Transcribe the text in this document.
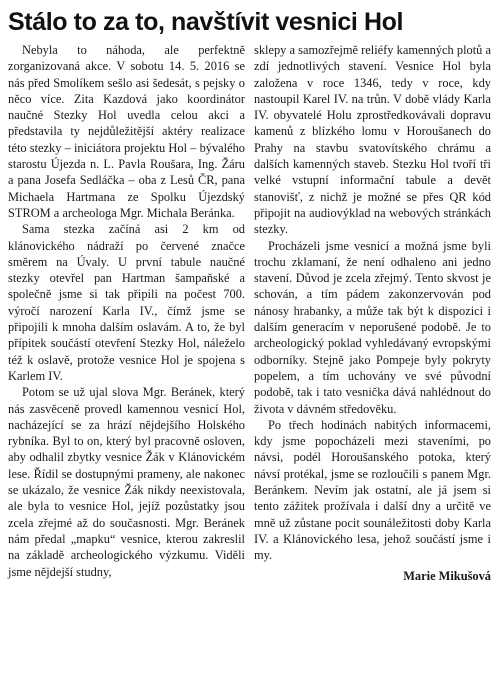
Stálo to za to, navštívit vesnici Hol

Nebyla to náhoda, ale perfektně zorganizovaná akce. V sobotu 14. 5. 2016 se nás před Smolíkem sešlo asi šedesát, s pejsky o něco více. Zita Kazdová jako koordinátor naučné Stezky Hol uvedla celou akci a představila ty nejdůležitější aktéry realizace této stezky – iniciátora projektu Hol – bývalého starostu Újezda n. L. Pavla Roušara, Ing. Žáru a pana Josefa Sedláčka – oba z Lesů ČR, pana Michaela Hartmana ze Spolku Újezdský STROM a archeologa Mgr. Michala Beránka.

Sama stezka začíná asi 2 km od klánovického nádraží po červené značce směrem na Úvaly. U první tabule naučné stezky otevřel pan Hartman šampaňské a společně jsme si tak připili na počest 700. výročí narození Karla IV., čímž jsme se připojili k mnoha dalším oslavám. A to, že byl přípitek součástí otevření Stezky Hol, náleželo též k oslavě, protože vesnice Hol je spojena s Karlem IV.

Potom se už ujal slova Mgr. Beránek, který nás zasvěceně provedl kamennou vesnicí Hol, nacházející se za hrází nějdejšího Holského rybníka. Byl to on, který byl pracovně osloven, aby odhalil zbytky vesnice Žák v Klánovickém lese. Řídil se dostupnými prameny, ale nakonec se ukázalo, že vesnice Žák nikdy neexistovala, ale byla to vesnice Hol, jejíž pozůstatky jsou zcela zřejmé až do současnosti. Mgr. Beránek nám předal „mapku“ vesnice, kterou zakreslil na základě archeologického výzkumu. Viděli jsme nějdejší studny,

sklepy a samozřejmě reliéfy kamenných plotů a zdí jednotlivých stavení. Vesnice Hol byla založena v roce 1346, tedy v roce, kdy nastoupil Karel IV. na trůn. V době vlády Karla IV. obyvatelé Holu zprostředkovávali dopravu kamenů z blízkého lomu v Horoušanech do Prahy na stavbu svatovítského chrámu a dalších kamenných staveb. Stezku Hol tvoří tři velké vstupní informační tabule a devět stanovišť, z nichž je možné se přes QR kód připojit na audiovýklad na webových stránkách stezky.

Procházeli jsme vesnicí a možná jsme byli trochu zklamaní, že není odhaleno ani jedno stavení. Důvod je zcela zřejmý. Tento skvost je schován, a tím pádem zakonzervován pod nánosy hrabanky, a může tak být k dispozici i dalším generacím v neporušené podobě. Je to archeologický poklad vyhledávaný evropskými odborníky. Stejně jako Pompeje byly pokryty popelem, a tím uchovány ve své původní podobě, tak i tato vesnička dává nahlédnout do života v dávném středověku.

Po třech hodinách nabitých informacemi, kdy jsme popocházeli mezi staveními, po návsi, podél Horoušanského potoka, který návsí protékal, jsme se rozloučili s panem Mgr. Beránkem. Nevím jak ostatní, ale já jsem si tento zážitek prožívala i další dny a určitě ve mně už zůstane pocit sounáležitosti doby Karla IV. a Klánovického lesa, jehož součástí jsme i my.

Marie Mikušová
